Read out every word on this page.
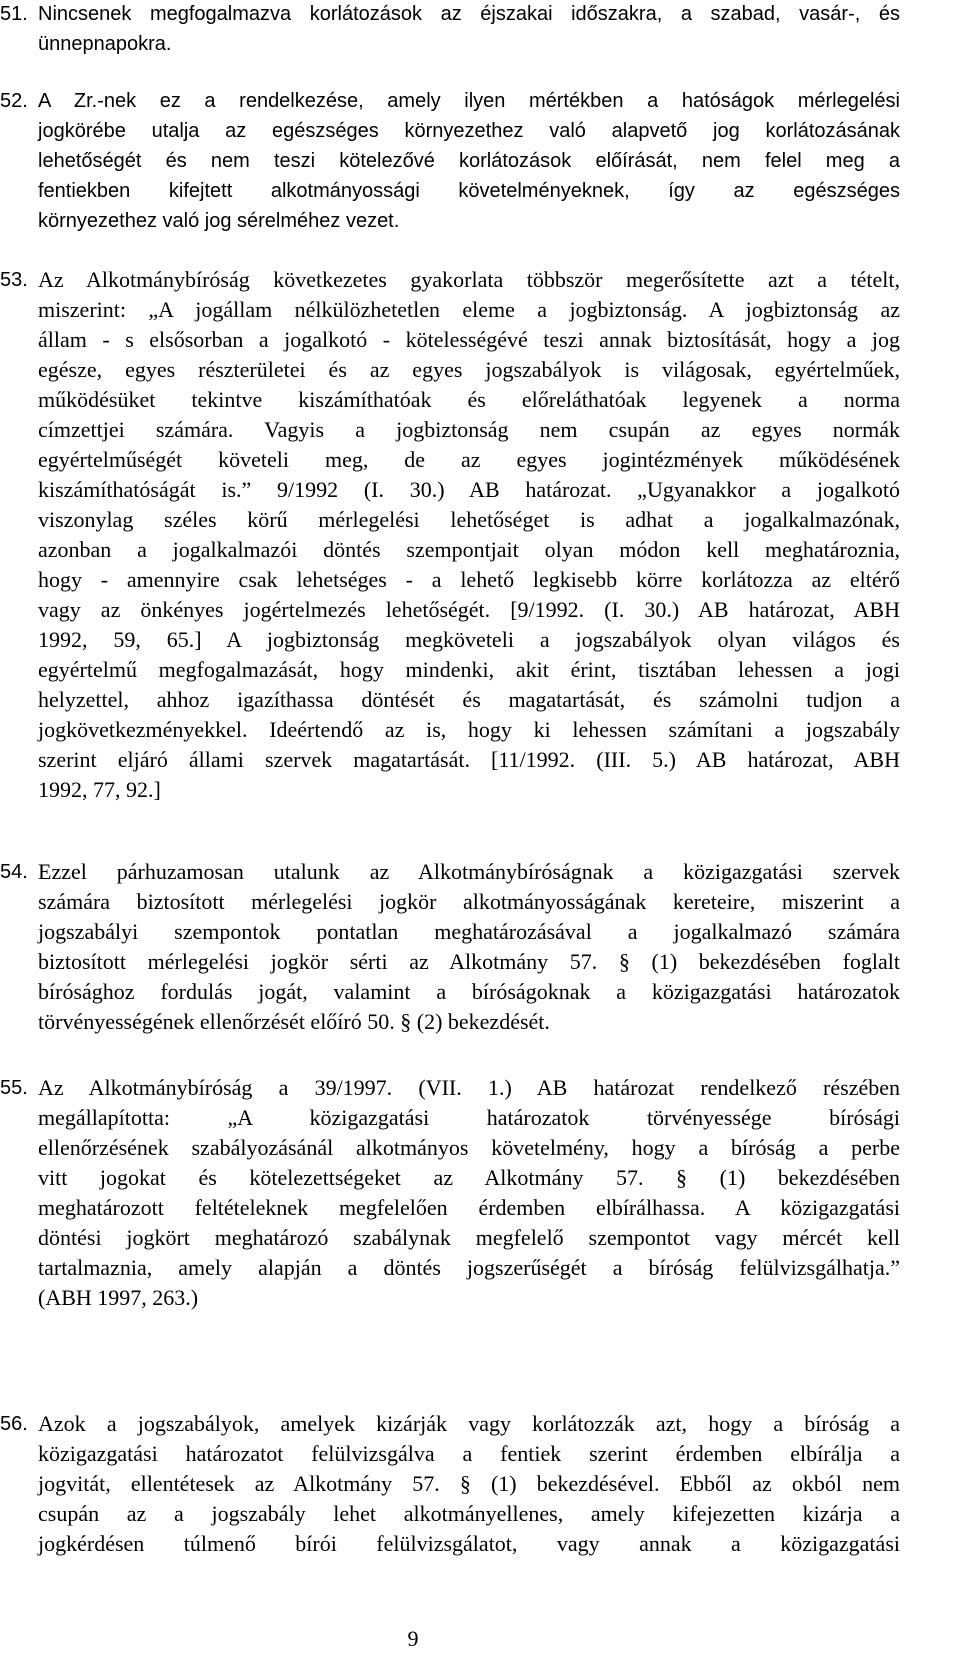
51. Nincsenek megfogalmazva korlátozások az éjszakai időszakra, a szabad, vasár-, és
ünnepnapokra.
52. A Zr.-nek ez a rendelkezése, amely ilyen mértékben a hatóságok mérlegelési
jogkörébe utalja az egészséges környezethez való alapvető jog korlátozásának
lehetőségét és nem teszi kötelezővé korlátozások előírását, nem felel meg a
fentiekben kifejtett alkotmányossági követelményeknek, így az egészséges
környezethez való jog sérelméhez vezet.
53. Az Alkotmánybíróság következetes gyakorlata többször megerősítette azt a tételt,
miszerint: „A jogállam nélkülözhetetlen eleme a jogbiztonság. A jogbiztonság az
állam - s elsősorban a jogalkotó - kötelességévé teszi annak biztosítását, hogy a jog
egésze, egyes részterületei és az egyes jogszabályok is világosak, egyértelműek,
működésüket tekintve kiszámíthatóak és előreláthatóak legyenek a norma
címzettjei számára. Vagyis a jogbiztonság nem csupán az egyes normák
egyértelműségét követeli meg, de az egyes jogintézmények működésének
kiszámíthatóságát is.” 9/1992 (I. 30.) AB határozat. „Ugyanakkor a jogalkotó
viszonylag széles körű mérlegelési lehetőséget is adhat a jogalkalmazónak,
azonban a jogalkalmazói döntés szempontjait olyan módon kell meghatároznia,
hogy - amennyire csak lehetséges - a lehető legkisebb körre korlátozza az eltérő
vagy az önkényes jogértelmezés lehetőségét. [9/1992. (I. 30.) AB határozat, ABH
1992, 59, 65.] A jogbiztonság megköveteli a jogszabályok olyan világos és
egyértelmű megfogalmazását, hogy mindenki, akit érint, tisztában lehessen a jogi
helyzettel, ahhoz igazíthassa döntését és magatartását, és számolni tudjon a
jogkövetkezményekkel. Ideértendő az is, hogy ki lehessen számítani a jogszabály
szerint eljáró állami szervek magatartását. [11/1992. (III. 5.) AB határozat, ABH
1992, 77, 92.]
54. Ezzel párhuzamosan utalunk az Alkotmánybíróságnak a közigazgatási szervek
számára biztosított mérlegelési jogkör alkotmányosságának kereteire, miszerint a
jogszabályi szempontok pontatlan meghatározásával a jogalkalmazó számára
biztosított mérlegelési jogkör sérti az Alkotmány 57. § (1) bekezdésében foglalt
bírósághoz fordulás jogát, valamint a bíróságoknak a közigazgatási határozatok
törvényességének ellenőrzését előíró 50. § (2) bekezdését.
55. Az Alkotmánybíróság a 39/1997. (VII. 1.) AB határozat rendelkező részében
megállapította: „A közigazgatási határozatok törvényessége bírósági
ellenőrzésének szabályozásánál alkotmányos követelmény, hogy a bíróság a perbe
vitt jogokat és kötelezettségeket az Alkotmány 57. § (1) bekezdésében
meghatározott feltételeknek megfelelően érdemben elbírálhassa. A közigazgatási
döntési jogkört meghatározó szabálynak megfelelő szempontot vagy mércét kell
tartalmaznia, amely alapján a döntés jogszerűségét a bíróság felülvizsgálhatja.”
(ABH 1997, 263.)
56. Azok a jogszabályok, amelyek kizárják vagy korlátozzák azt, hogy a bíróság a
közigazgatási határozatot felülvizsgálva a fentiek szerint érdemben elbírálja a
jogvitát, ellentétesek az Alkotmány 57. § (1) bekezdésével. Ebből az okból nem
csupán az a jogszabály lehet alkotmányellenes, amely kifejezetten kizárja a
jogkérdésen túlmenő bírói felülvizsgálatot, vagy annak a közigazgatási
9
